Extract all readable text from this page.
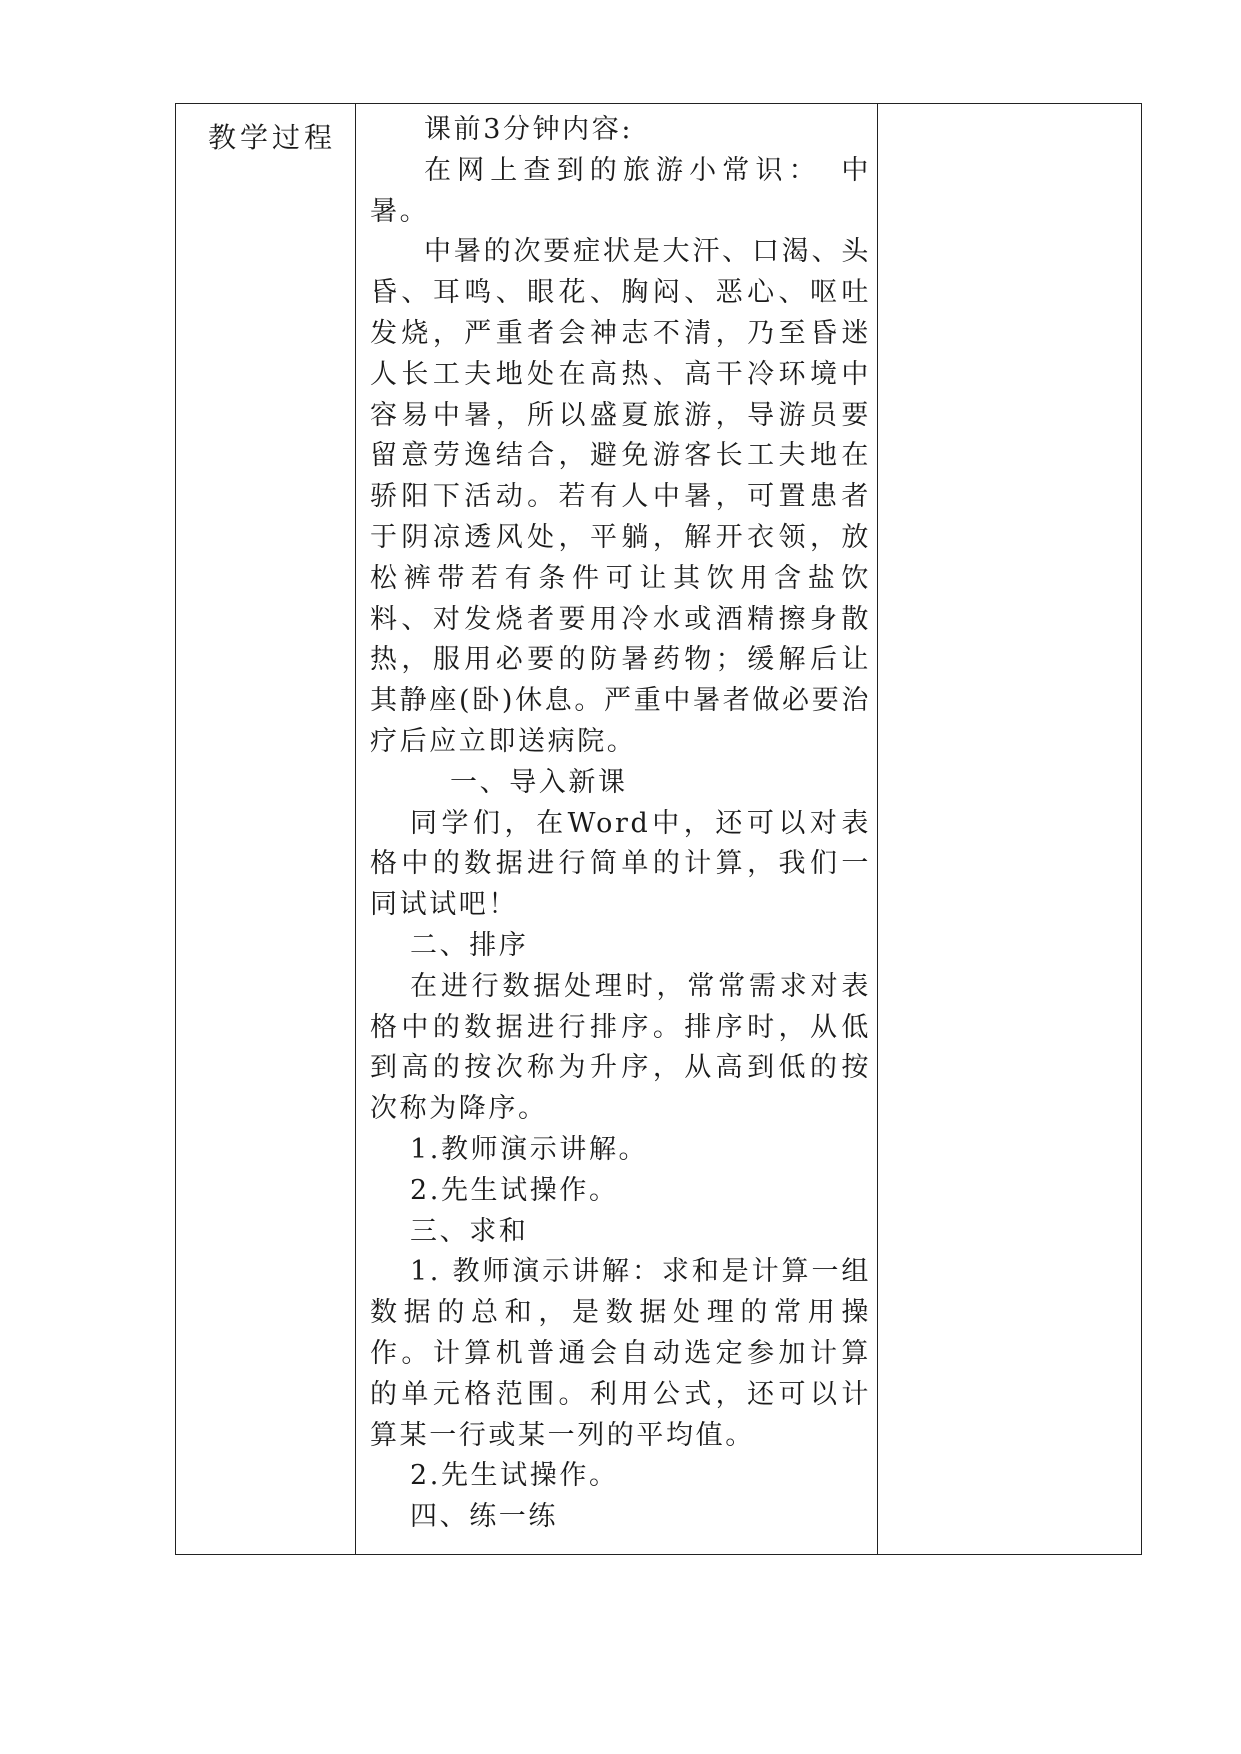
教学过程	课前3分钟内容:

在网上查到的旅游小常识：　中暑。

中暑的次要症状是大汗、口渴、头昏、耳鸣、眼花、胸闷、恶心、呕吐发烧，严重者会神志不清，乃至昏迷人长工夫地处在高热、高干冷环境中容易中暑，所以盛夏旅游，导游员要留意劳逸结合，避免游客长工夫地在骄阳下活动。若有人中暑，可置患者于阴凉透风处，平躺，解开衣领，放松裤带若有条件可让其饮用含盐饮料、对发烧者要用冷水或酒精擦身散热，服用必要的防暑药物；缓解后让其静座(卧)休息。严重中暑者做必要治疗后应立即送病院。

一、导入新课

同学们，在Word中，还可以对表格中的数据进行简单的计算，我们一同试试吧！

二、排序

在进行数据处理时，常常需求对表格中的数据进行排序。排序时，从低到高的按次称为升序，从高到低的按次称为降序。

1.教师演示讲解。

2.先生试操作。

三、求和

1. 教师演示讲解：求和是计算一组数据的总和，是数据处理的常用操作。计算机普通会自动选定参加计算的单元格范围。利用公式，还可以计算某一行或某一列的平均值。

2.先生试操作。

四、练一练
